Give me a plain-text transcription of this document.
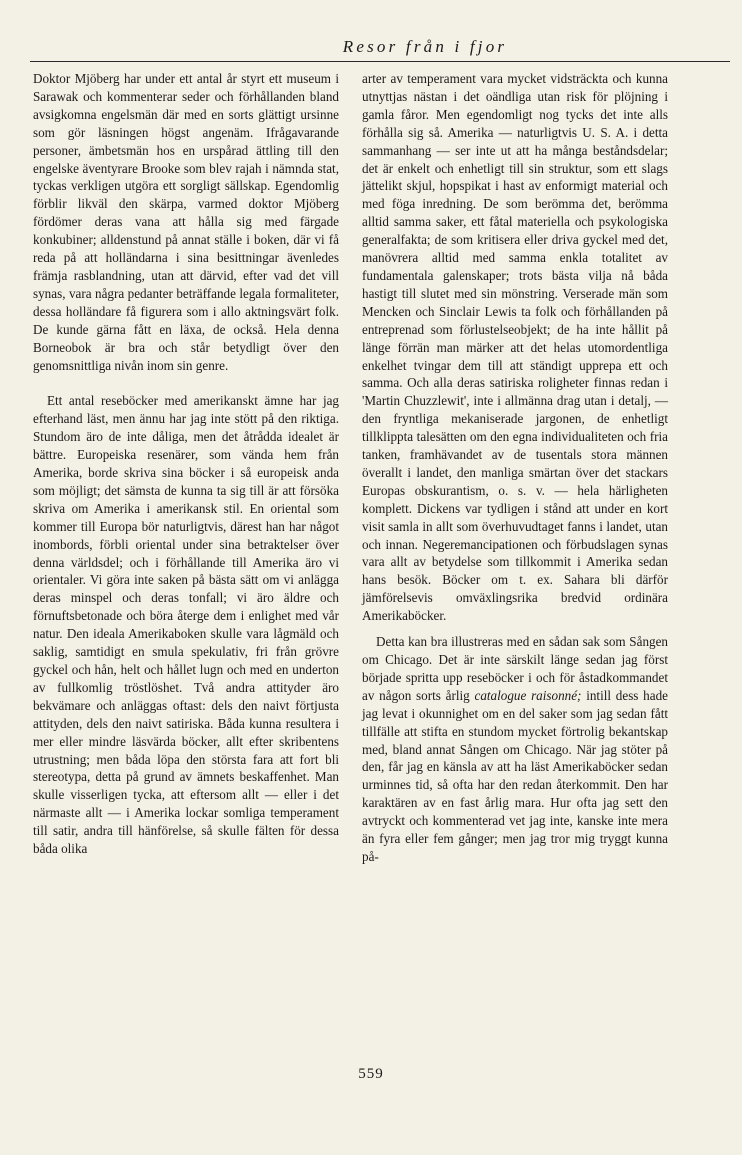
Resor från i fjor

Doktor Mjöberg har under ett antal år styrt ett museum i Sarawak och kommenterar seder och förhållanden bland avsigkomna engelsmän där med en sorts glättigt ursinne som gör läsningen högst angenäm. Ifrågavarande personer, ämbetsmän hos en urspårad ättling till den engelske äventyrare Brooke som blev rajah i nämnda stat, tyckas verkligen utgöra ett sorgligt sällskap. Egendomlig förblir likväl den skärpa, varmed doktor Mjöberg fördömer deras vana att hålla sig med färgade konkubiner; alldenstund på annat ställe i boken, där vi få reda på att holländarna i sina besittningar ävenledes främja rasblandning, utan att därvid, efter vad det vill synas, vara några pedanter beträffande legala formaliteter, dessa holländare få figurera som i allo aktningsvärt folk. De kunde gärna fått en läxa, de också. Hela denna Borneobok är bra och står betydligt över den genomsnittliga nivån inom sin genre.

Ett antal reseböcker med amerikanskt ämne har jag efterhand läst, men ännu har jag inte stött på den riktiga. Stundom äro de inte dåliga, men det åtrådda idealet är bättre. Europeiska resenärer, som vända hem från Amerika, borde skriva sina böcker i så europeisk anda som möjligt; det sämsta de kunna ta sig till är att försöka skriva om Amerika i amerikansk stil. En oriental som kommer till Europa bör naturligtvis, därest han har något inombords, förbli oriental under sina betraktelser över denna världsdel; och i förhållande till Amerika äro vi orientaler. Vi göra inte saken på bästa sätt om vi anlägga deras minspel och deras tonfall; vi äro äldre och förnuftsbetonade och böra återge dem i enlighet med vår natur. Den ideala Amerikaboken skulle vara lågmäld och saklig, samtidigt en smula spekulativ, fri från grövre gyckel och hån, helt och hållet lugn och med en underton av fullkomlig tröstlöshet. Två andra attityder äro bekvämare och anläggas oftast: dels den naivt förtjusta attityden, dels den naivt satiriska. Båda kunna resultera i mer eller mindre läsvärda böcker, allt efter skribentens utrustning; men båda löpa den största fara att fort bli stereotypa, detta på grund av ämnets beskaffenhet. Man skulle visserligen tycka, att eftersom allt — eller i det närmaste allt — i Amerika lockar somliga temperament till satir, andra till hänförelse, så skulle fälten för dessa båda olika

arter av temperament vara mycket vidsträckta och kunna utnyttjas nästan i det oändliga utan risk för plöjning i gamla fåror. Men egendomligt nog tycks det inte alls förhålla sig så. Amerika — naturligtvis U. S. A. i detta sammanhang — ser inte ut att ha många beståndsdelar; det är enkelt och enhetligt till sin struktur, som ett slags jättelikt skjul, hopspikat i hast av enformigt material och med föga inredning. De som berömma det, berömma alltid samma saker, ett fåtal materiella och psykologiska generalfakta; de som kritisera eller driva gyckel med det, manövrera alltid med samma enkla totalitet av fundamentala galenskaper; trots bästa vilja nå båda hastigt till slutet med sin mönstring. Verserade män som Mencken och Sinclair Lewis ta folk och förhållanden på entreprenad som förlustelseobjekt; de ha inte hållit på länge förrän man märker att det helas utomordentliga enkelhet tvingar dem till att ständigt upprepa ett och samma. Och alla deras satiriska roligheter finnas redan i 'Martin Chuzzlewit', inte i allmänna drag utan i detalj, — den fryntliga mekaniserade jargonen, de enhetligt tillklippta talesätten om den egna individualiteten och fria tanken, framhävandet av de tusentals stora männen överallt i landet, den manliga smärtan över det stackars Europas obskurantism, o. s. v. — hela härligheten komplett. Dickens var tydligen i stånd att under en kort visit samla in allt som överhuvudtaget fanns i landet, utan och innan. Negeremancipationen och förbudslagen synas vara allt av betydelse som tillkommit i Amerika sedan hans besök. Böcker om t. ex. Sahara bli därför jämförelsevis omväxlingsrika bredvid ordinära Amerikaböcker.

Detta kan bra illustreras med en sådan sak som Sången om Chicago. Det är inte särskilt länge sedan jag först började spritta upp reseböcker i och för åstadkommandet av någon sorts årlig catalogue raisonné; intill dess hade jag levat i okunnighet om en del saker som jag sedan fått tillfälle att stifta en stundom mycket förtrolig bekantskap med, bland annat Sången om Chicago. När jag stöter på den, får jag en känsla av att ha läst Amerikaböcker sedan urminnes tid, så ofta har den redan återkommit. Den har karaktären av en fast årlig mara. Hur ofta jag sett den avtryckt och kommenterad vet jag inte, kanske inte mera än fyra eller fem gånger; men jag tror mig tryggt kunna på-

559
